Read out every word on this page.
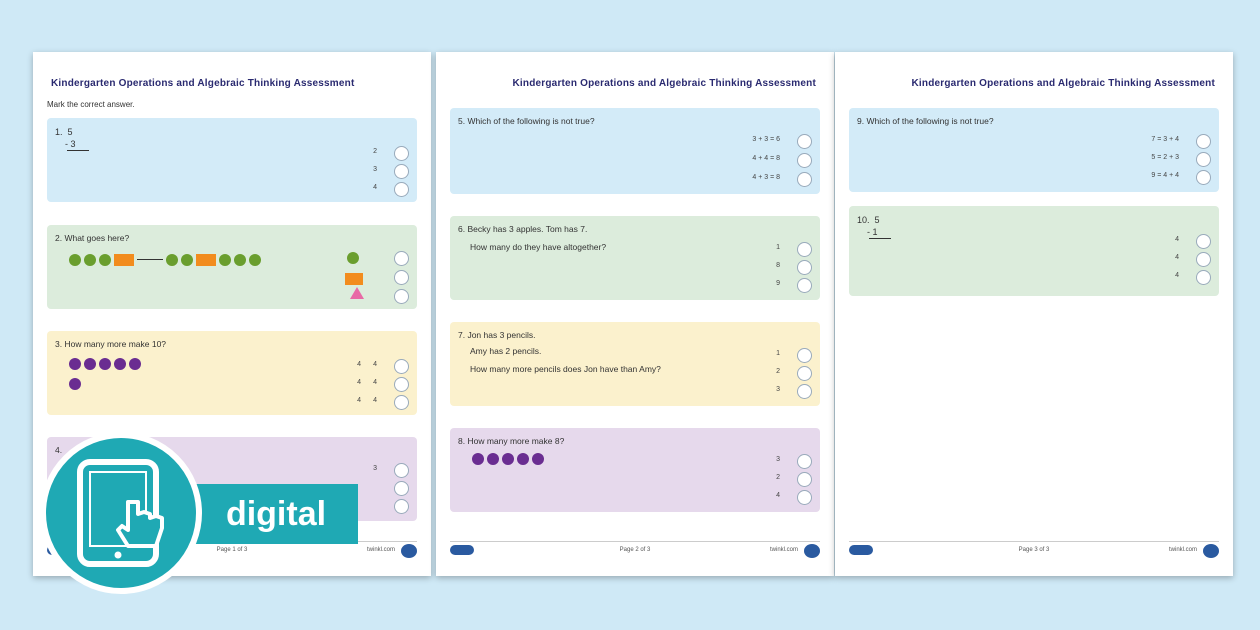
Kindergarten Operations and Algebraic Thinking Assessment
Mark the correct answer.
1. 5
- 3
2
3
4
2. What goes here?
3. How many more make 10?

4 4
4 4
4 4
4.
3
Page 1 of 3	twinkl.com
Kindergarten Operations and Algebraic Thinking Assessment
5. Which of the following is not true?
3 + 3 = 6
4 + 4 = 8
4 + 3 = 8
6. Becky has 3 apples. Tom has 7.
How many do they have altogether?	1
8
9
7. Jon has 3 pencils.
Amy has 2 pencils.
How many more pencils does Jon have than Amy?
1
2
3
8. How many more make 8?
3
2
4
Page 2 of 3	twinkl.com
Kindergarten Operations and Algebraic Thinking Assessment
9. Which of the following is not true?
7 = 3 + 4
5 = 2 + 3
9 = 4 + 4
10. 5
- 1
4
4
4
Page 3 of 3	twinkl.com
digital
